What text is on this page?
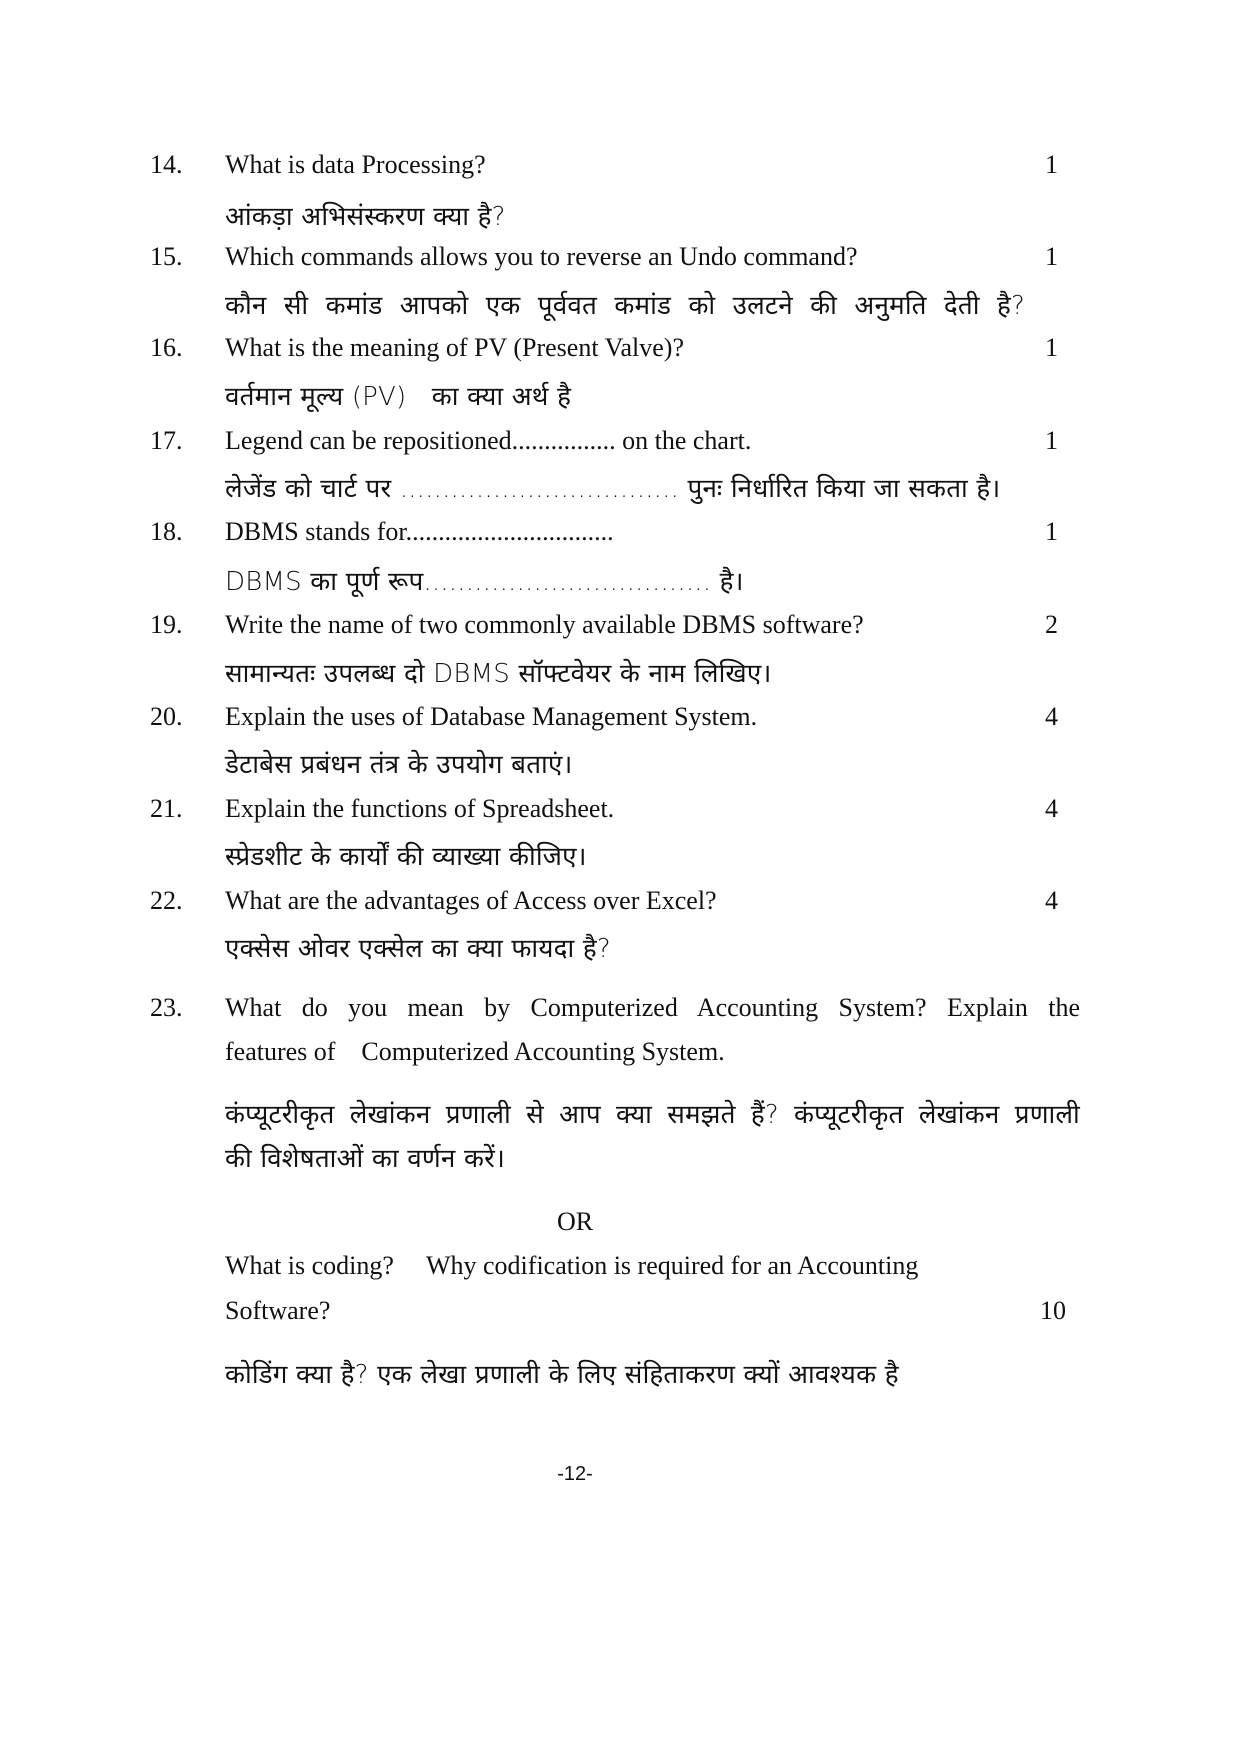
14. What is data Processing?	1
आंकड़ा अभिसंस्करण क्या है?
15. Which commands allows you to reverse an Undo command?	1
कौन सी कमांड आपको एक पूर्ववत कमांड को उलटने की अनुमति देती है?
16. What is the meaning of PV (Present Valve)?	1
वर्तमान मूल्य (PV)   का क्या अर्थ है
17. Legend can be repositioned................ on the chart.	1
लेजेंड को चार्ट पर ................................. पुनः निर्धारित किया जा सकता है।
18. DBMS stands for................................	1
DBMS का पूर्ण रूप.................................. है।
19. Write the name of two commonly available DBMS software?	2
सामान्यतः उपलब्ध दो DBMS सॉफ्टवेयर के नाम लिखिए।
20. Explain the uses of Database Management System.	4
डेटाबेस प्रबंधन तंत्र के उपयोग बताएं।
21. Explain the functions of Spreadsheet.	4
स्प्रेडशीट के कार्यों की व्याख्या कीजिए।
22. What are the advantages of Access over Excel?	4
एक्सेस ओवर एक्सेल का क्या फायदा है?
23. What do you mean by Computerized Accounting System? Explain the
features of    Computerized Accounting System.
कंप्यूटरीकृत लेखांकन प्रणाली से आप क्या समझते हैं? कंप्यूटरीकृत लेखांकन प्रणाली
की विशेषताओं का वर्णन करें।
OR
What is coding?     Why codification is required for an Accounting
Software?	10
कोडिंग क्या है? एक लेखा प्रणाली के लिए संहिताकरण क्यों आवश्यक है
-12-
